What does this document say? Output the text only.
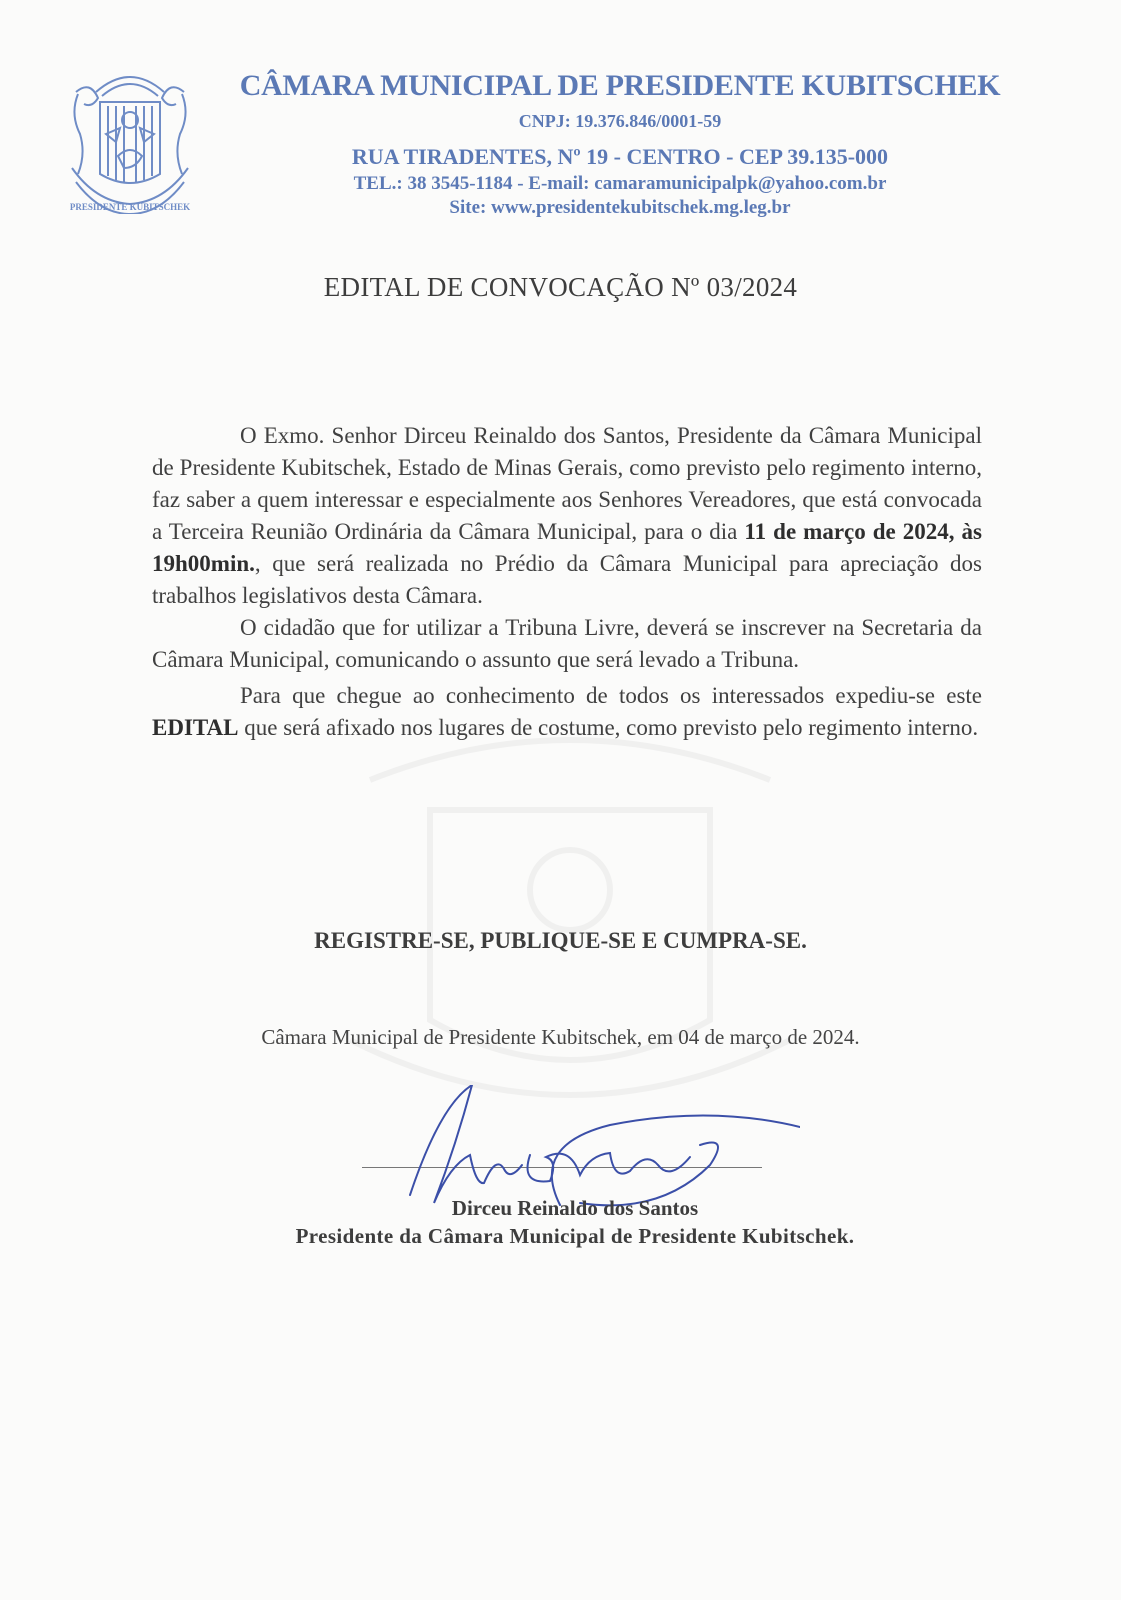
PRESIDENTE KUBITSCHEK
CÂMARA MUNICIPAL DE PRESIDENTE KUBITSCHEK
CNPJ: 19.376.846/0001-59
RUA TIRADENTES, Nº 19 - CENTRO - CEP 39.135-000
TEL.: 38 3545-1184 - E-mail: camaramunicipalpk@yahoo.com.br
Site: www.presidentekubitschek.mg.leg.br
EDITAL DE CONVOCAÇÃO Nº 03/2024

O Exmo. Senhor Dirceu Reinaldo dos Santos, Presidente da Câmara Municipal de Presidente Kubitschek, Estado de Minas Gerais, como previsto pelo regimento interno, faz saber a quem interessar e especialmente aos Senhores Vereadores, que está convocada a Terceira Reunião Ordinária da Câmara Municipal, para o dia 11 de março de 2024, às 19h00min., que será realizada no Prédio da Câmara Municipal para apreciação dos trabalhos legislativos desta Câmara.

O cidadão que for utilizar a Tribuna Livre, deverá se inscrever na Secretaria da Câmara Municipal, comunicando o assunto que será levado a Tribuna.

Para que chegue ao conhecimento de todos os interessados expediu-se este EDITAL que será afixado nos lugares de costume, como previsto pelo regimento interno.

REGISTRE-SE, PUBLIQUE-SE E CUMPRA-SE.
Câmara Municipal de Presidente Kubitschek, em 04 de março de 2024.
Dirceu Reinaldo dos Santos
Presidente da Câmara Municipal de Presidente Kubitschek.
